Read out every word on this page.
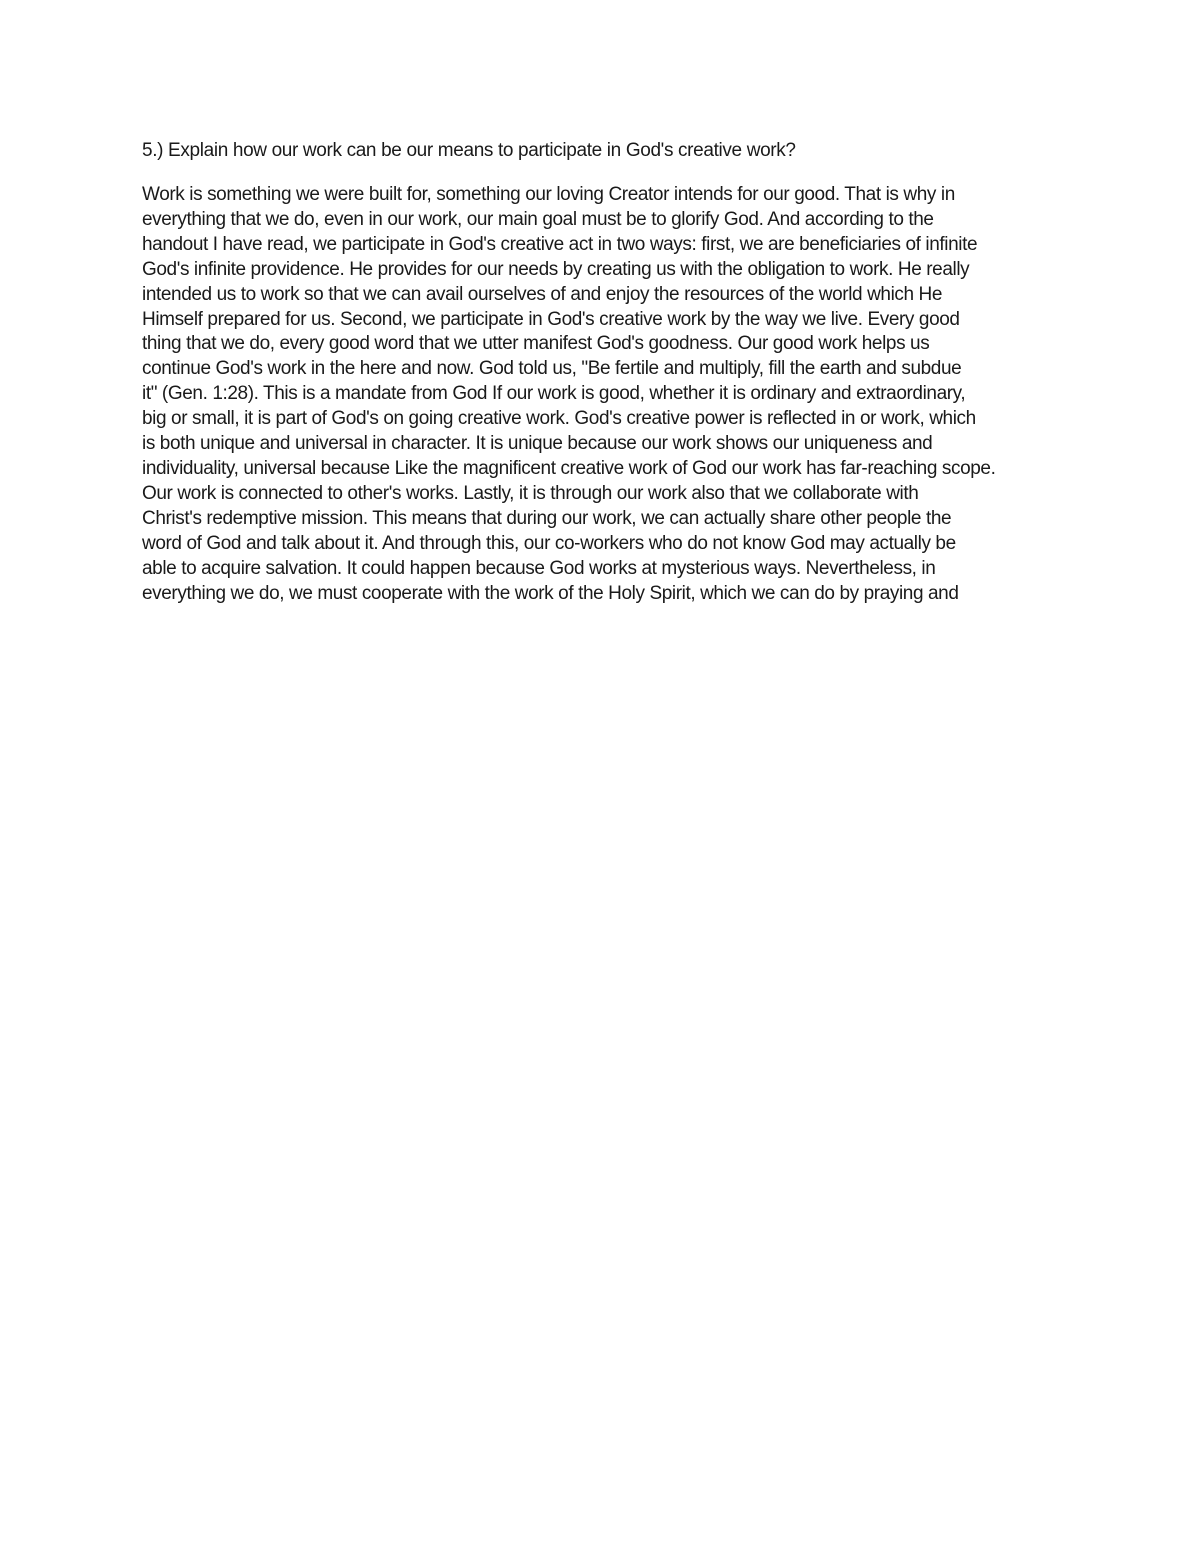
5.) Explain how our work can be our means to participate in God's creative work?

Work is something we were built for, something our loving Creator intends for our good. That is why in
everything that we do, even in our work, our main goal must be to glorify God. And according to the
handout I have read, we participate in God's creative act in two ways: first, we are beneficiaries of infinite
God's infinite providence. He provides for our needs by creating us with the obligation to work. He really
intended us to work so that we can avail ourselves of and enjoy the resources of the world which He
Himself prepared for us. Second, we participate in God's creative work by the way we live. Every good
thing that we do, every good word that we utter manifest God's goodness. Our good work helps us
continue God's work in the here and now. God told us, "Be fertile and multiply, fill the earth and subdue
it" (Gen. 1:28). This is a mandate from God If our work is good, whether it is ordinary and extraordinary,
big or small, it is part of God's on going creative work. God's creative power is reflected in or work, which
is both unique and universal in character. It is unique because our work shows our uniqueness and
individuality, universal because Like the magnificent creative work of God our work has far-reaching scope.
Our work is connected to other's works. Lastly, it is through our work also that we collaborate with
Christ's redemptive mission. This means that during our work, we can actually share other people the
word of God and talk about it. And through this, our co-workers who do not know God may actually be
able to acquire salvation. It could happen because God works at mysterious ways. Nevertheless, in
everything we do, we must cooperate with the work of the Holy Spirit, which we can do by praying and
